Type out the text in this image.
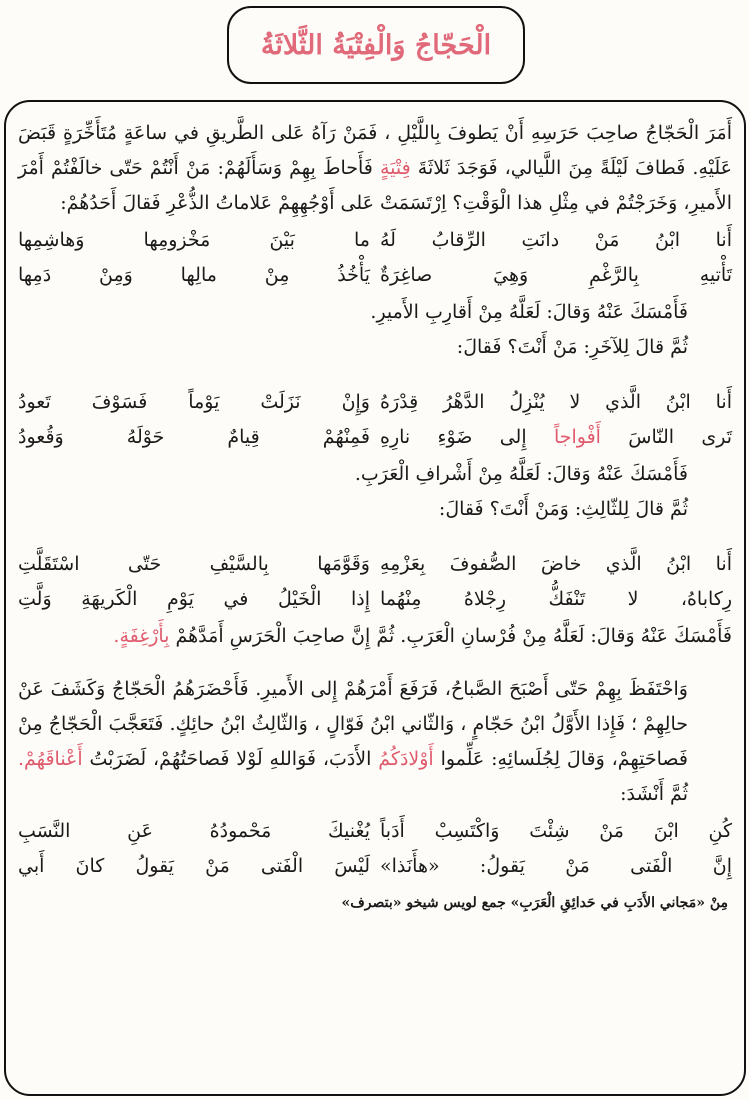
الْحَجّاجُ وَالْفِتْيَةُ الثَّلاثَةُ

أَمَرَ الْحَجّاجُ صاحِبَ حَرَسِهِ أَنْ يَطوفَ بِاللَّيْلِ ، فَمَنْ رَآهُ عَلى الطَّريقِ في ساعَةٍ مُتَأَخِّرَةٍ قَبَضَ عَلَيْهِ. فَطافَ لَيْلَةً مِنَ اللَّيالي، فَوَجَدَ ثَلاثَةَ فِتْيَةٍ فَأَحاطَ بِهِمْ وَسَأَلَهُمْ: مَنْ أَنْتُمْ حَتّى خالَفْتُمْ أَمْرَ الأَميرِ، وَخَرَجْتُمْ في مِثْلِ هذا الْوَقْتِ؟ اِرْتَسَمَتْ عَلى أَوْجُهِهِمْ عَلاماتُ الذُّعْرِ فَقالَ أَحَدُهُمْ:

أَنا ابْنُ مَنْ دانَتِ الرِّقابُ لَهُ
ما بَيْنَ مَخْزومِها وَهاشِمِها
تَأْتيهِ بِالرَّغْمِ وَهِيَ صاغِرَةٌ
يَأْخُذُ مِنْ مالِها وَمِنْ دَمِها

فَأَمْسَكَ عَنْهُ وَقالَ: لَعَلَّهُ مِنْ أَقارِبِ الأَميرِ.

ثُمَّ قالَ لِلآخَرِ: مَنْ أَنْتَ؟ فَقالَ:

أَنا ابْنُ الَّذي لا يُنْزِلُ الدَّهْرُ قِدْرَهُ
وَإِنْ نَزَلَتْ يَوْماً فَسَوْفَ تَعودُ
تَرى النّاسَ أَفْواجاً إِلى ضَوْءِ نارِهِ
فَمِنْهُمْ قِيامٌ حَوْلَهُ وَقُعودُ

فَأَمْسَكَ عَنْهُ وَقالَ: لَعَلَّهُ مِنْ أَشْرافِ الْعَرَبِ.

ثُمَّ قالَ لِلثّالِثِ: وَمَنْ أَنْتَ؟ فَقالَ:

أَنا ابْنُ الَّذي خاضَ الصُّفوفَ بِعَزْمِهِ
وَقَوَّمَها بِالسَّيْفِ حَتّى اسْتَقَلَّتِ
رِكاباهُ، لا تَنْفَكُّ رِجْلاهُ مِنْهُما
إِذا الْخَيْلُ في يَوْمِ الْكَريهَةِ وَلَّتِ

فَأَمْسَكَ عَنْهُ وَقالَ: لَعَلَّهُ مِنْ فُرْسانِ الْعَرَبِ. ثُمَّ إِنَّ صاحِبَ الْحَرَسِ أَمَدَّهُمْ بِأَرْغِفَةٍ.

وَاحْتَفَظَ بِهِمْ حَتّى أَصْبَحَ الصَّباحُ، فَرَفَعَ أَمْرَهُمْ إِلى الأَميرِ. فَأَحْضَرَهُمُ الْحَجّاجُ وَكَشَفَ عَنْ حالِهِمْ ؛ فَإِذا الأَوَّلُ ابْنُ حَجّامٍ ، وَالثّاني ابْنُ فَوّالٍ ، وَالثّالِثُ ابْنُ حائِكٍ. فَتَعَجَّبَ الْحَجّاجُ مِنْ فَصاحَتِهِمْ، وَقالَ لِجُلَسائِهِ: عَلِّموا أَوْلادَكُمُ الأَدَبَ، فَوَاللهِ لَوْلا فَصاحَتُهُمْ، لَضَرَبْتُ أَعْناقَهُمْ. ثُمَّ أَنْشَدَ:

كُنِ ابْنَ مَنْ شِئْتَ وَاكْتَسِبْ أَدَباً
يُغْنيكَ مَحْمودُهُ عَنِ النَّسَبِ
إِنَّ الْفَتى مَنْ يَقولُ: «هأَنَذا»
لَيْسَ الْفَتى مَنْ يَقولُ كانَ أَبي

مِنْ «مَجاني الأَدَبِ في حَدائِقِ الْعَرَبِ» جمع لويس شيخو «بتصرف»
